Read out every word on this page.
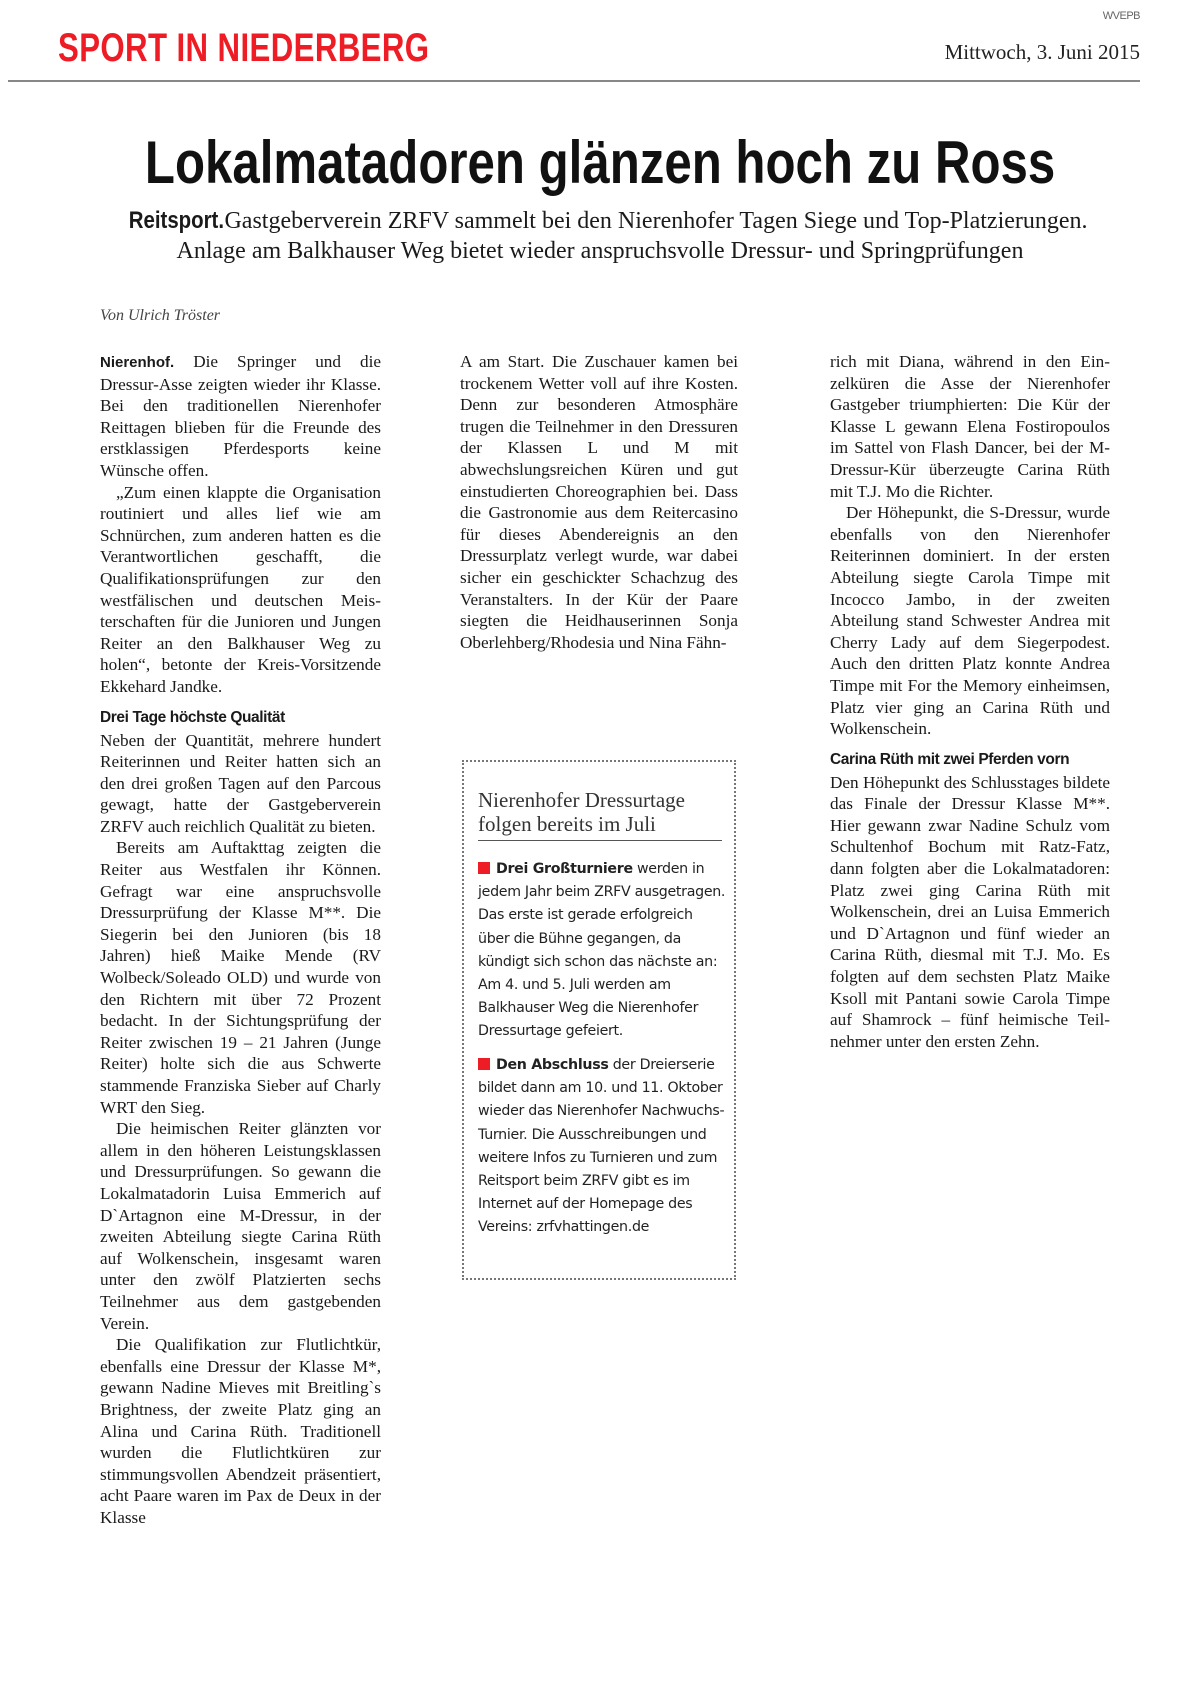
WVEPB
SPORT IN NIEDERBERG	Mittwoch, 3. Juni 2015
Lokalmatadoren glänzen hoch zu Ross
Reitsport. Gastgeberverein ZRFV sammelt bei den Nierenhofer Tagen Siege und Top-Platzierungen.
Anlage am Balkhauser Weg bietet wieder anspruchsvolle Dressur- und Springprüfungen
Von Ulrich Tröster

Nierenhof. Die Springer und die Dressur-Asse zeigten wieder ihr Klasse. Bei den traditionellen Nierenhofer Reittagen blieben für die Freunde des erstklassigen Pferdesports keine Wünsche offen.

„Zum einen klappte die Organisation routiniert und alles lief wie am Schnürchen, zum anderen hatten es die Verantwortlichen geschafft, die Qualifikationsprüfungen zur den westfälischen und deutschen Meisterschaften für die Junioren und Jungen Reiter an den Balkhauser Weg zu holen“, betonte der Kreis-Vorsitzende Ekkehard Jandke.

Drei Tage höchste Qualität

Neben der Quantität, mehrere hundert Reiterinnen und Reiter hatten sich an den drei großen Tagen auf den Parcous gewagt, hatte der Gastgeberverein ZRFV auch reichlich Qualität zu bieten.

Bereits am Auftakttag zeigten die Reiter aus Westfalen ihr Können. Gefragt war eine anspruchsvolle Dressurprüfung der Klasse M**. Die Siegerin bei den Junioren (bis 18 Jahren) hieß Maike Mende (RV Wolbeck/Soleado OLD) und wurde von den Richtern mit über 72 Prozent bedacht. In der Sichtungsprüfung der Reiter zwischen 19 – 21 Jahren (Junge Reiter) holte sich die aus Schwerte stammende Franziska Sieber auf Charly WRT den Sieg.

Die heimischen Reiter glänzten vor allem in den höheren Leistungsklassen und Dressurprüfungen. So gewann die Lokalmatadorin Luisa Emmerich auf D`Artagnon eine M-Dressur, in der zweiten Abteilung siegte Carina Rüth auf Wolkenschein, insgesamt waren unter den zwölf Platzierten sechs Teilnehmer aus dem gastgebenden Verein.

Die Qualifikation zur Flutlichtkür, ebenfalls eine Dressur der Klasse M*, gewann Nadine Mieves mit Breitling`s Brightness, der zweite Platz ging an Alina und Carina Rüth. Traditionell wurden die Flutlichtküren zur stimmungsvollen Abendzeit präsentiert, acht Paare waren im Pax de Deux in der Klasse

A am Start. Die Zuschauer kamen bei trockenem Wetter voll auf ihre Kosten. Denn zur besonderen Atmosphäre trugen die Teilnehmer in den Dressuren der Klassen L und M mit abwechslungsreichen Küren und gut einstudierten Choreographien bei. Dass die Gastronomie aus dem Reitercasino für dieses Abendereignis an den Dressurplatz verlegt wurde, war dabei sicher ein geschickter Schachzug des Veranstalters. In der Kür der Paare siegten die Heidhauserinnen Sonja Oberlehberg/Rhodesia und Nina Fähn-

Nierenhofer Dressurtage folgen bereits im Juli
Drei Großturniere werden in jedem Jahr beim ZRFV ausgetragen. Das erste ist gerade erfolgreich über die Bühne gegangen, da kündigt sich schon das nächste an: Am 4. und 5. Juli werden am Balkhauser Weg die Nierenhofer Dressurtage gefeiert.
Den Abschluss der Dreierserie bildet dann am 10. und 11. Oktober wieder das Nierenhofer Nachwuchs-Turnier. Die Ausschreibungen und weitere Infos zu Turnieren und zum Reitsport beim ZRFV gibt es im Internet auf der Homepage des Vereins: zrfvhattingen.de

rich mit Diana, während in den Einzelküren die Asse der Nierenhofer Gastgeber triumphierten: Die Kür der Klasse L gewann Elena Fostiropoulos im Sattel von Flash Dancer, bei der M-Dressur-Kür überzeugte Carina Rüth mit T.J. Mo die Richter.

Der Höhepunkt, die S-Dressur, wurde ebenfalls von den Nierenhofer Reiterinnen dominiert. In der ersten Abteilung siegte Carola Timpe mit Incocco Jambo, in der zweiten Abteilung stand Schwester Andrea mit Cherry Lady auf dem Siegerpodest. Auch den dritten Platz konnte Andrea Timpe mit For the Memory einheimsen, Platz vier ging an Carina Rüth und Wolkenschein.

Carina Rüth mit zwei Pferden vorn

Den Höhepunkt des Schlusstages bildete das Finale der Dressur Klasse M**. Hier gewann zwar Nadine Schulz vom Schultenhof Bochum mit Ratz-Fatz, dann folgten aber die Lokalmatadoren: Platz zwei ging Carina Rüth mit Wolkenschein, drei an Luisa Emmerich und D`Artagnon und fünf wieder an Carina Rüth, diesmal mit T.J. Mo. Es folgten auf dem sechsten Platz Maike Ksoll mit Pantani sowie Carola Timpe auf Shamrock – fünf heimische Teilnehmer unter den ersten Zehn.
